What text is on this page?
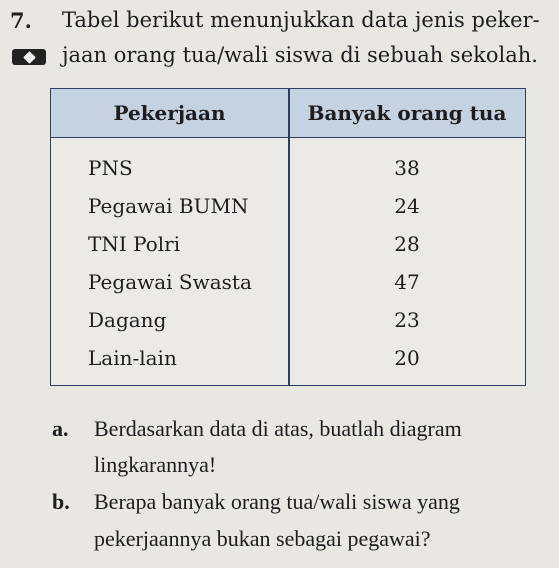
7. Tabel berikut menunjukkan data jenis peker-
jaan orang tua/wali siswa di sebuah sekolah.
Pekerjaan	Banyak orang tua
PNS	38
Pegawai BUMN	24
TNI Polri	28
Pegawai Swasta	47
Dagang	23
Lain-lain	20
a. Berdasarkan data di atas, buatlah diagram
lingkarannya!
b. Berapa banyak orang tua/wali siswa yang
pekerjaannya bukan sebagai pegawai?
